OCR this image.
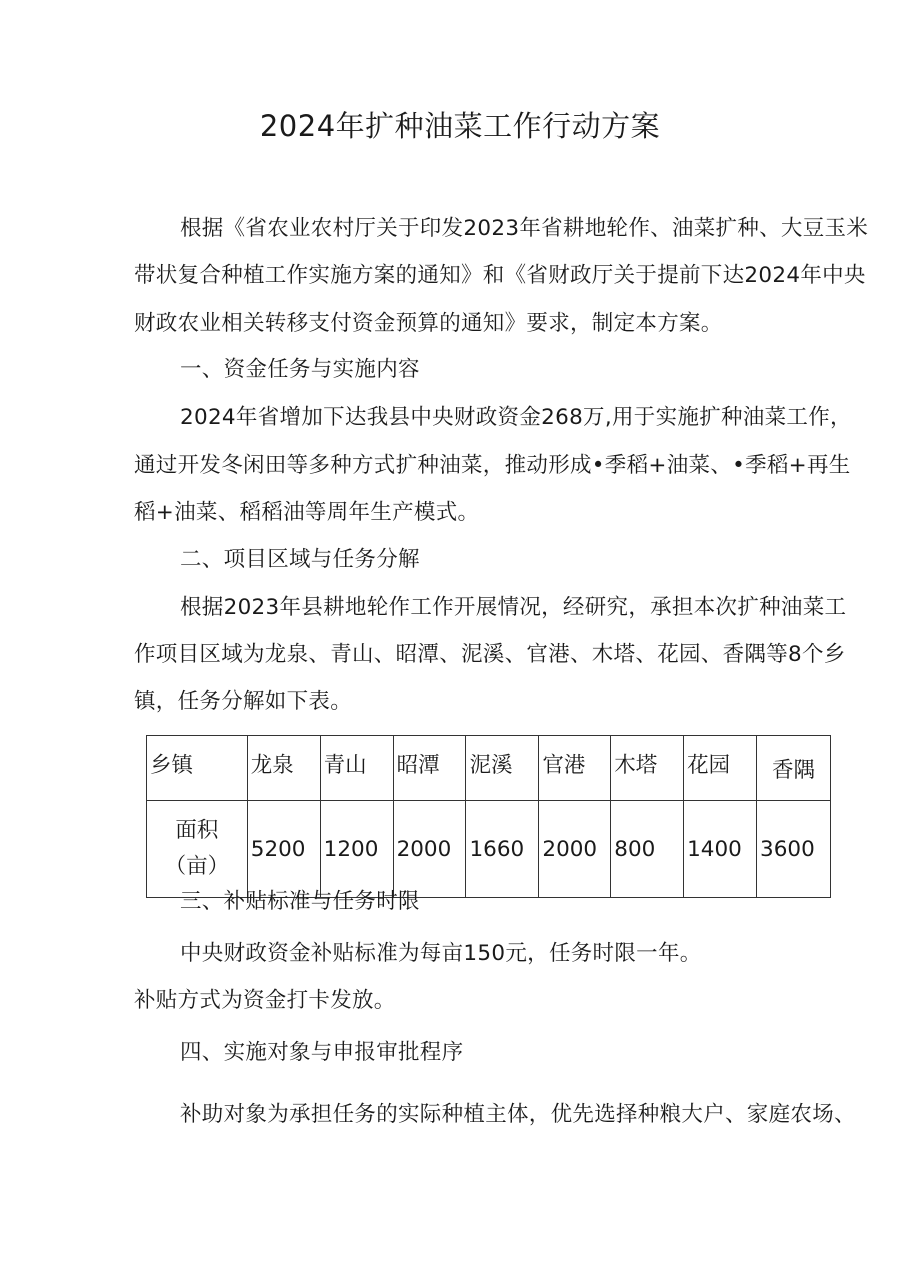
2024年扩种油菜工作行动方案

根据《省农业农村厅关于印发2023年省耕地轮作、油菜扩种、大豆玉米

带状复合种植工作实施方案的通知》和《省财政厅关于提前下达2024年中央

财政农业相关转移支付资金预算的通知》要求，制定本方案。

一、资金任务与实施内容

2024年省增加下达我县中央财政资金268万,用于实施扩种油菜工作，

通过开发冬闲田等多种方式扩种油菜，推动形成•季稻+油菜、•季稻+再生

稻+油菜、稻稻油等周年生产模式。

二、项目区域与任务分解

根据2023年县耕地轮作工作开展情况，经研究，承担本次扩种油菜工

作项目区域为龙泉、青山、昭潭、泥溪、官港、木塔、花园、香隅等8个乡

镇，任务分解如下表。

乡镇	龙泉	青山	昭潭	泥溪	官港	木塔	花园	香隅
面积
（亩）	5200	1200	2000	1660	2000	800	1400	3600

三、补贴标准与任务时限

中央财政资金补贴标准为每亩150元，任务时限一年。

补贴方式为资金打卡发放。

四、实施对象与申报审批程序

补助对象为承担任务的实际种植主体，优先选择种粮大户、家庭农场、
